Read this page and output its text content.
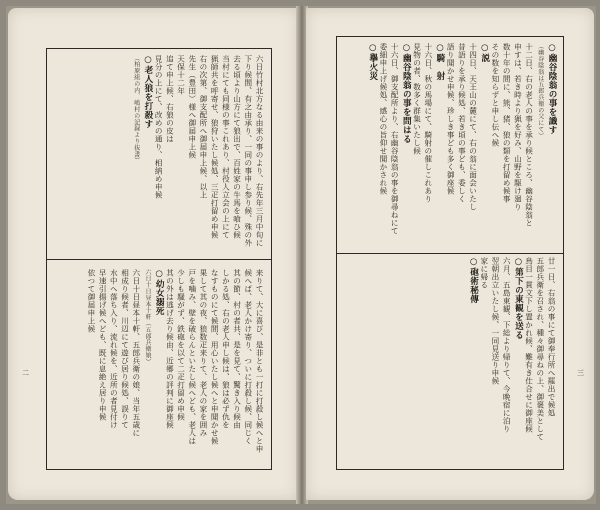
六日竹村北方なる由来の事のより、右先年三月中旬に

下り候間、有之由承り、一同の事申し参り候、殊の外

去る頃より山方にて狼出で、百姓家の牛馬を喰ひ候

当村にても同様の事これあり、村役人立会の上にて

猟師共を呼寄せ、狼狩いたし候処、三疋打留め申候

右の次第、御支配所へ御届申上候、以上

先生（豊田）様へ御届申上候

天保十二年

追て申上候、右狼の皮は

見分の上にて、改めの通り、相納め申候

○老人狼を打殺す

（柏原組の内、嶋村の記録より抜書）

来りて、大に喜び、是非とも一打に打殺し候へと申

候へば、老人かけ寄り、ついに打殺し候、同じく

其の節、村の者共、是を見て、驚き入り候由

しかる処、右の老人申し候は、狼は必ず仇を

なすものにて候間、用心いたし候へと申聞かせ候

果して其の夜、狼数疋来りて、老人の家を囲み

戸を噛み、壁を破らんといたし候へども、老人は

少しも騒がず、鉄砲を以て二疋打留め申候

其の外は逃げ去り候由、近郷の評判に御座候

○幼女溺死

六日十日昼本十軒（五郎兵衛娘）

六日十日昼本十軒、五郎兵衛の娘、当年五歳に

相成り候者、川辺にて遊び居り候処、誤りて

水中へ落ち入り、流れ候を、近所の者見付け

早速引揚げ候へども、既に息絶え居り申候

依つて御届申上候

二

○幽谷陰翁の事を識す

（幽谷陰翁は五郎兵衛の父にて）

十二日、右の老人の事を承り候ところ、幽谷陰翁と

申すは、若き時より猟を好み、山野を駆け廻り

数十年の間に、熊、猪、狼の類を打留め候事

その数を知らずと申し伝へ候

○説

十四日、天王山の麓にて、右の翁に面会いたし

昔語りを承り候処、若き頃の事ども、委しく

語り聞かせ申候、珍しき事ども多く御座候

○騎　射

十六日、秋の馬場にて、騎射の催しこれあり

見物の者、数多く群集いたし候

○幽谷陰翁の事を問はる

十六日、御支配所より、右幽谷陰翁の事を御尋ねにて

委細申上げ候処、感心の旨仰せ聞かされ候

○擧火災

廿一日、右翁の事にて御奉行所へ罷出で候処

五郎兵衛を召され、種々御尋ねの上、御褒美として

鳥目一貫文下し置かれ候、難有き仕合せに御座候

○第下の東観を送る

六月、五島東観、下総より帰りて、今晩宿に泊り

翌朝出立いたし候、一同見送り申候

家に帰る

○砲術秘傳

三
